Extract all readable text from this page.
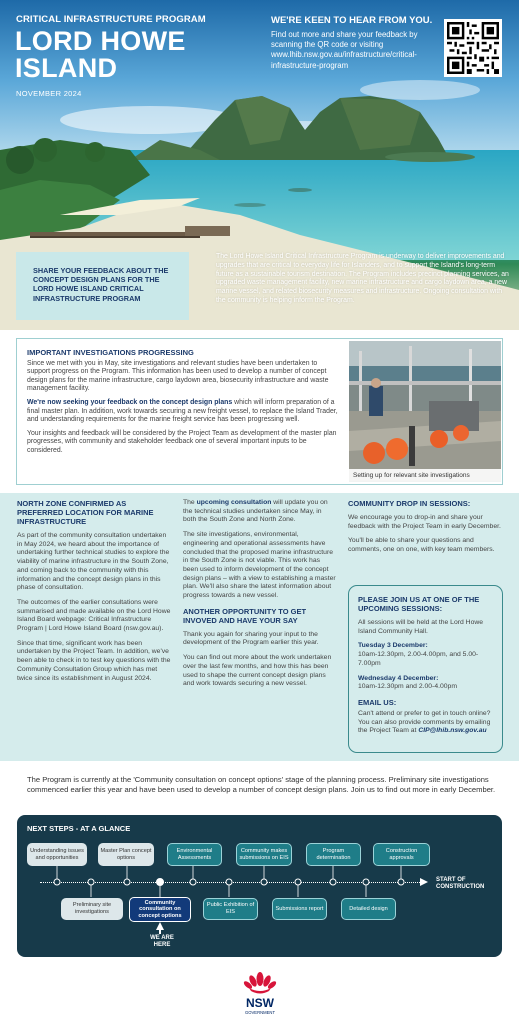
CRITICAL INFRASTRUCTURE PROGRAM
LORD HOWE
ISLAND
NOVEMBER 2024
WE'RE KEEN TO HEAR FROM YOU.
Find out more and share your feedback by scanning the QR code or visiting www.lhib.nsw.gov.au/infrastructure/critical-infrastructure-program
SHARE YOUR FEEDBACK ABOUT THE CONCEPT DESIGN PLANS FOR THE LORD HOWE ISLAND CRITICAL INFRASTRUCTURE PROGRAM
The Lord Howe Island Critical Infrastructure Program is underway to deliver improvements and upgrades that are critical to everyday life for Islanders, and to support the Island's long-term future as a sustainable tourism destination. The Program includes precinct planning services, an upgraded waste management facility, new marine infrastructure and cargo laydown area, a new marine vessel, and related biosecurity measures and infrastructure. Ongoing consultation with the community is helping inform the Program.
IMPORTANT INVESTIGATIONS PROGRESSING

Since we met with you in May, site investigations and relevant studies have been undertaken to support progress on the Program. This information has been used to develop a number of concept design plans for the marine infrastructure, cargo laydown area, biosecurity infrastructure and waste management facility.

We're now seeking your feedback on the concept design plans which will inform preparation of a final master plan. In addition, work towards securing a new freight vessel, to replace the Island Trader, and understanding requirements for the marine freight service has been progressing well.

Your insights and feedback will be considered by the Project Team as development of the master plan progresses, with community and stakeholder feedback one of several important inputs to be considered.

Setting up for relevant site investigations
NORTH ZONE CONFIRMED AS PREFERRED LOCATION FOR MARINE INFRASTRUCTURE

As part of the community consultation undertaken in May 2024, we heard about the importance of undertaking further technical studies to explore the viability of marine infrastructure in the South Zone, and coming back to the community with this information and the concept design plans in this phase of consultation.

The outcomes of the earlier consultations were summarised and made available on the Lord Howe Island Board webpage: Critical Infrastructure Program | Lord Howe Island Board (nsw.gov.au).

Since that time, significant work has been undertaken by the Project Team. In addition, we've been able to check in to test key questions with the Community Consultation Group which has met twice since its establishment in August 2024.

The upcoming consultation will update you on the technical studies undertaken since May, in both the South Zone and North Zone.

The site investigations, environmental, engineering and operational assessments have concluded that the proposed marine infrastructure in the South Zone is not viable. This work has been used to inform development of the concept design plans – with a view to establishing a master plan. We'll also share the latest information about progress towards a new vessel.

ANOTHER OPPORTUNITY TO GET INVOVED AND HAVE YOUR SAY

Thank you again for sharing your input to the development of the Program earlier this year.

You can find out more about the work undertaken over the last few months, and how this has been used to shape the current concept design plans and work towards securing a new vessel.

COMMUNITY DROP IN SESSIONS:

We encourage you to drop-in and share your feedback with the Project Team in early December.

You'll be able to share your questions and comments, one on one, with key team members.

PLEASE JOIN US AT ONE OF THE UPCOMING SESSIONS:

All sessions will be held at the Lord Howe Island Community Hall.

Tuesday 3 December:
10am-12.30pm, 2.00-4.00pm, and 5.00-7.00pm

Wednesday 4 December:
10am-12.30pm and 2.00-4.00pm

EMAIL US:

Can't attend or prefer to get in touch online? You can also provide comments by emailing the Project Team at CIP@lhib.nsw.gov.au

The Program is currently at the 'Community consultation on concept options' stage of the planning process. Preliminary site investigations commenced earlier this year and have been used to develop a number of concept design plans. Join us to find out more in early December.
NEXT STEPS - AT A GLANCE
Understanding issues and opportunities
Master Plan concept options
Environmental Assessments
Community makes submissions on EIS
Program determination
Construction approvals
Preliminary site investigations
Community consultation on concept options
Public Exhibition of EIS
Submissions report	Detailed design
START OF
CONSTRUCTION
WE ARE HERE
NSW
GOVERNMENT
